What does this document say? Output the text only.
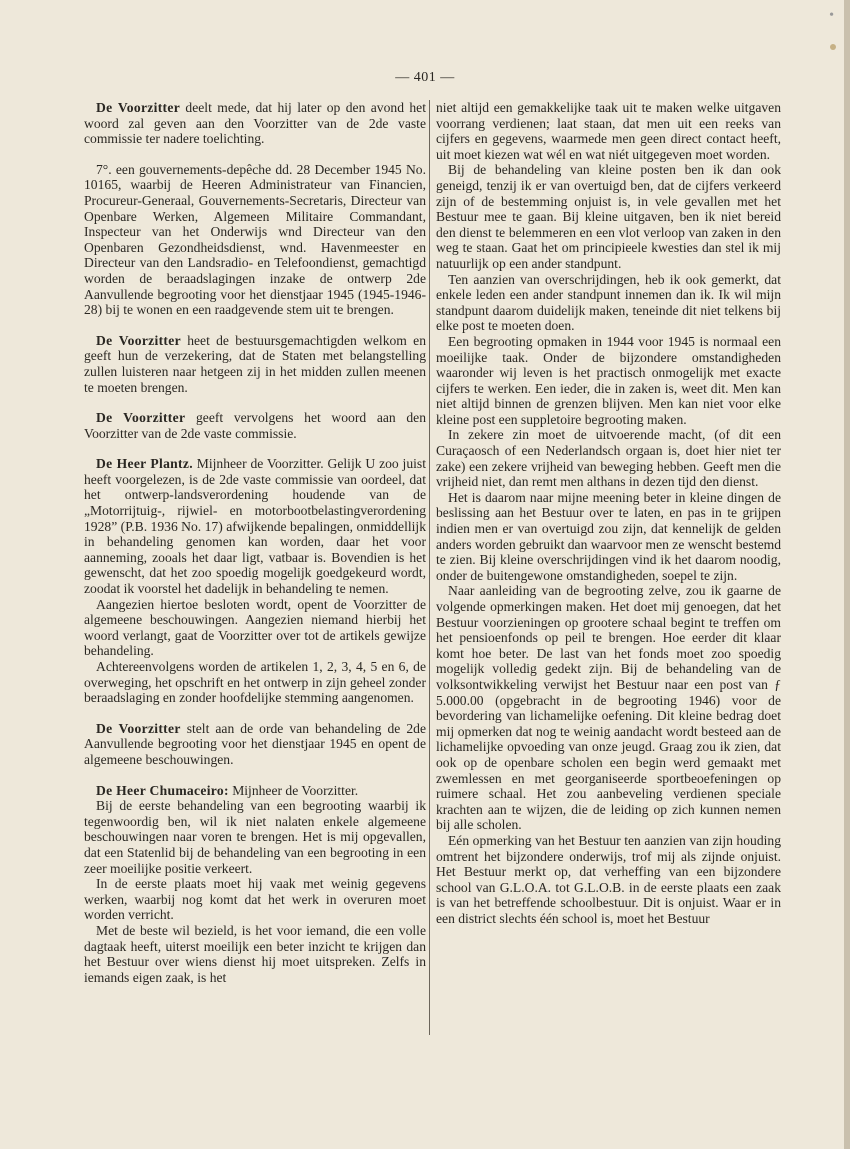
•
— 401 —

De Voorzitter deelt mede, dat hij later op den avond het woord zal geven aan den Voorzitter van de 2de vaste commissie ter nadere toelichting.

7°. een gouvernements-depêche dd. 28 December 1945 No. 10165, waarbij de Heeren Administrateur van Financien, Procureur-Generaal, Gouvernements-Secretaris, Directeur van Openbare Werken, Algemeen Militaire Commandant, Inspecteur van het Onderwijs wnd Directeur van den Openbaren Gezondheidsdienst, wnd. Havenmeester en Directeur van den Landsradio- en Telefoondienst, gemachtigd worden de beraadslagingen inzake de ontwerp 2de Aanvullende begrooting voor het dienstjaar 1945 (1945-1946-28) bij te wonen en een raadgevende stem uit te brengen.

De Voorzitter heet de bestuursgemachtigden welkom en geeft hun de verzekering, dat de Staten met belangstelling zullen luisteren naar hetgeen zij in het midden zullen meenen te moeten brengen.

De Voorzitter geeft vervolgens het woord aan den Voorzitter van de 2de vaste commissie.

De Heer Plantz. Mijnheer de Voorzitter. Gelijk U zoo juist heeft voorgelezen, is de 2de vaste commissie van oordeel, dat het ontwerp-landsverordening houdende van de „Motorrijtuig-, rijwiel- en motorbootbelastingverordening 1928” (P.B. 1936 No. 17) afwijkende bepalingen, onmiddellijk in behandeling genomen kan worden, daar het voor aanneming, zooals het daar ligt, vatbaar is. Bovendien is het gewenscht, dat het zoo spoedig mogelijk goedgekeurd wordt, zoodat ik voorstel het dadelijk in behandeling te nemen.

Aangezien hiertoe besloten wordt, opent de Voorzitter de algemeene beschouwingen. Aangezien niemand hierbij het woord verlangt, gaat de Voorzitter over tot de artikels gewijze behandeling.

Achtereenvolgens worden de artikelen 1, 2, 3, 4, 5 en 6, de overweging, het opschrift en het ontwerp in zijn geheel zonder beraadslaging en zonder hoofdelijke stemming aangenomen.

De Voorzitter stelt aan de orde van behandeling de 2de Aanvullende begrooting voor het dienstjaar 1945 en opent de algemeene beschouwingen.

De Heer Chumaceiro: Mijnheer de Voorzitter.

Bij de eerste behandeling van een begrooting waarbij ik tegenwoordig ben, wil ik niet nalaten enkele algemeene beschouwingen naar voren te brengen. Het is mij opgevallen, dat een Statenlid bij de behandeling van een begrooting in een zeer moeilijke positie verkeert.

In de eerste plaats moet hij vaak met weinig gegevens werken, waarbij nog komt dat het werk in overuren moet worden verricht.

Met de beste wil bezield, is het voor iemand, die een volle dagtaak heeft, uiterst moeilijk een beter inzicht te krijgen dan het Bestuur over wiens dienst hij moet uitspreken. Zelfs in iemands eigen zaak, is het

niet altijd een gemakkelijke taak uit te maken welke uitgaven voorrang verdienen; laat staan, dat men uit een reeks van cijfers en gegevens, waarmede men geen direct contact heeft, uit moet kiezen wat wél en wat niét uitgegeven moet worden.

Bij de behandeling van kleine posten ben ik dan ook geneigd, tenzij ik er van overtuigd ben, dat de cijfers verkeerd zijn of de bestemming onjuist is, in vele gevallen met het Bestuur mee te gaan. Bij kleine uitgaven, ben ik niet bereid den dienst te belemmeren en een vlot verloop van zaken in den weg te staan. Gaat het om principieele kwesties dan stel ik mij natuurlijk op een ander standpunt.

Ten aanzien van overschrijdingen, heb ik ook gemerkt, dat enkele leden een ander standpunt innemen dan ik. Ik wil mijn standpunt daarom duidelijk maken, teneinde dit niet telkens bij elke post te moeten doen.

Een begrooting opmaken in 1944 voor 1945 is normaal een moeilijke taak. Onder de bijzondere omstandigheden waaronder wij leven is het practisch onmogelijk met exacte cijfers te werken. Een ieder, die in zaken is, weet dit. Men kan niet altijd binnen de grenzen blijven. Men kan niet voor elke kleine post een suppletoire begrooting maken.

In zekere zin moet de uitvoerende macht, (of dit een Curaçaosch of een Nederlandsch orgaan is, doet hier niet ter zake) een zekere vrijheid van beweging hebben. Geeft men die vrijheid niet, dan remt men althans in dezen tijd den dienst.

Het is daarom naar mijne meening beter in kleine dingen de beslissing aan het Bestuur over te laten, en pas in te grijpen indien men er van overtuigd zou zijn, dat kennelijk de gelden anders worden gebruikt dan waarvoor men ze wenscht bestemd te zien. Bij kleine overschrijdingen vind ik het daarom noodig, onder de buitengewone omstandigheden, soepel te zijn.

Naar aanleiding van de begrooting zelve, zou ik gaarne de volgende opmerkingen maken. Het doet mij genoegen, dat het Bestuur voorzieningen op grootere schaal begint te treffen om het pensioenfonds op peil te brengen. Hoe eerder dit klaar komt hoe beter. De last van het fonds moet zoo spoedig mogelijk volledig gedekt zijn. Bij de behandeling van de volksontwikkeling verwijst het Bestuur naar een post van ƒ 5.000.00 (opgebracht in de begrooting 1946) voor de bevordering van lichamelijke oefening. Dit kleine bedrag doet mij opmerken dat nog te weinig aandacht wordt besteed aan de lichamelijke opvoeding van onze jeugd. Graag zou ik zien, dat ook op de openbare scholen een begin werd gemaakt met zwemlessen en met georganiseerde sportbeoefeningen op ruimere schaal. Het zou aanbeveling verdienen speciale krachten aan te wijzen, die de leiding op zich kunnen nemen bij alle scholen.

Eén opmerking van het Bestuur ten aanzien van zijn houding omtrent het bijzondere onderwijs, trof mij als zijnde onjuist. Het Bestuur merkt op, dat verheffing van een bijzondere school van G.L.O.A. tot G.L.O.B. in de eerste plaats een zaak is van het betreffende schoolbestuur. Dit is onjuist. Waar er in een district slechts één school is, moet het Bestuur
